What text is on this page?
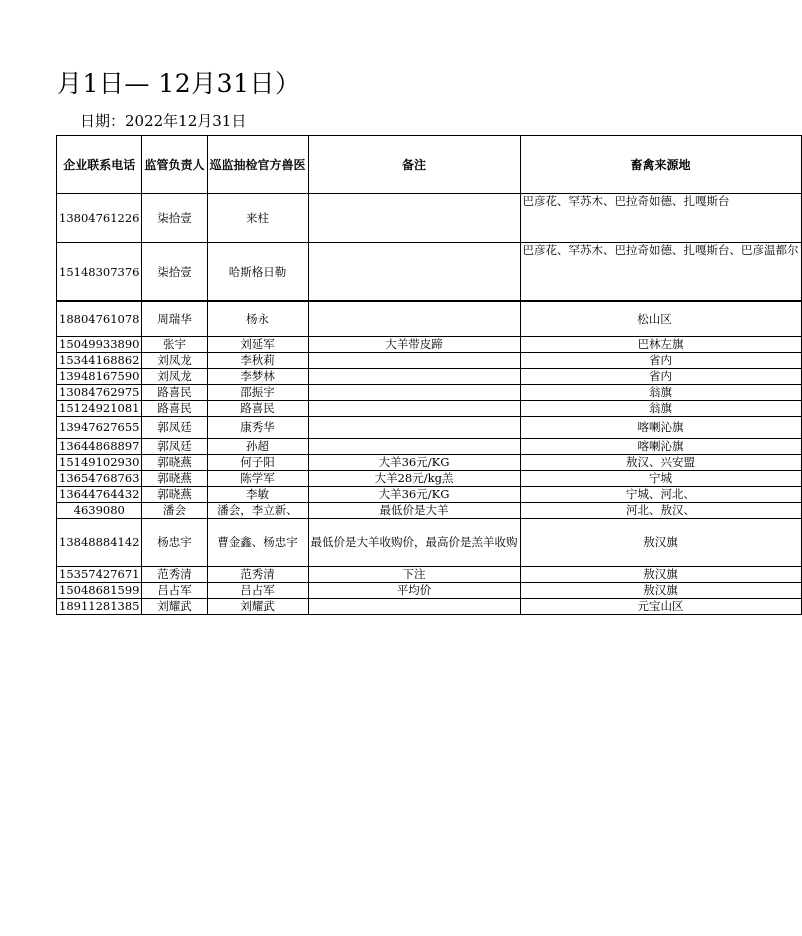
月1日— 12月31日）
日期：2022年12月31日
企业联系电话	监管负责人	巡监抽检官方兽医	备注	畜禽来源地
13804761226	柒拾壹	来柱		巴彦花、罕苏木、巴拉奇如德、扎嘎斯台
15148307376	柒拾壹	哈斯格日勒		巴彦花、罕苏木、巴拉奇如德、扎嘎斯台、巴彦温都尔
18804761078	周瑞华	杨永		松山区
15049933890	张宇	刘延军	大羊带皮蹄	巴林左旗
15344168862	刘凤龙	李秋莉		省内
13948167590	刘凤龙	李梦林		省内
13084762975	路喜民	邵振宇		翁旗
15124921081	路喜民	路喜民		翁旗
13947627655	郭凤廷	康秀华		喀喇沁旗
13644868897	郭凤廷	孙超		喀喇沁旗
15149102930	郭晓燕	何子阳	大羊36元/KG	敖汉、兴安盟
13654768763	郭晓燕	陈学军	大羊28元/kg羔	宁城
13644764432	郭晓燕	李敏	大羊36元/KG	宁城、河北、
4639080	潘会	潘会，李立新、	最低价是大羊	河北、敖汉、
13848884142	杨忠宇	曹金鑫、杨忠宇	最低价是大羊收购价，最高价是羔羊收购	敖汉旗
15357427671	范秀清	范秀清	下注	敖汉旗
15048681599	吕占军	吕占军	平均价	敖汉旗
18911281385	刘耀武	刘耀武		元宝山区
